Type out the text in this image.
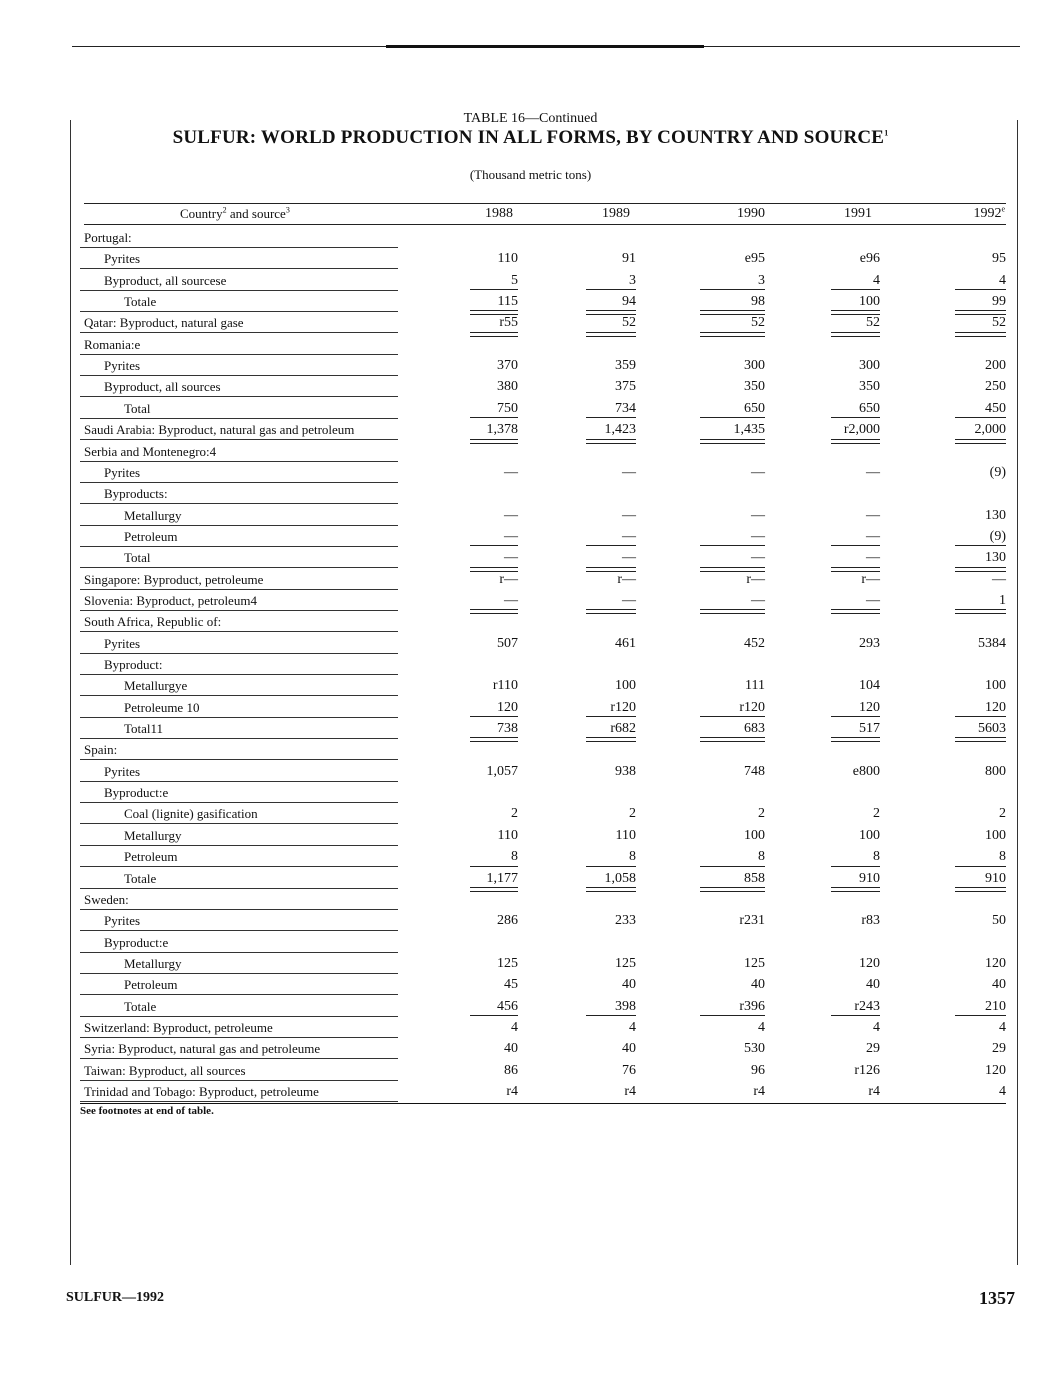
TABLE 16—Continued
SULFUR: WORLD PRODUCTION IN ALL FORMS, BY COUNTRY AND SOURCE$^1$
(Thousand metric tons)
Country$^2$ and source$^3$	1988	1989	1990	1991	1992e
Portugal:
Pyrites	110	91	e95	e96	95
Byproduct, all sourcese	5	3	3	4	4
Totale	115	94	98	100	99
Qatar: Byproduct, natural gase	r55	52	52	52	52
Romania:e
Pyrites	370	359	300	300	200
Byproduct, all sources	380	375	350	350	250
Total	750	734	650	650	450
Saudi Arabia: Byproduct, natural gas and petroleum	1,378	1,423	1,435	r2,000	2,000
Serbia and Montenegro:4
Pyrites	—	—	—	—	(9)
Byproducts:
Metallurgy	—	—	—	—	130
Petroleum	—	—	—	—	(9)
Total	—	—	—	—	130
Singapore: Byproduct, petroleume	r—	r—	r—	r—	—
Slovenia: Byproduct, petroleum4	—	—	—	—	1
South Africa, Republic of:
Pyrites	507	461	452	293	5384
Byproduct:
Metallurgye	r110	100	111	104	100
Petroleume 10	120	r120	r120	120	120
Total11	738	r682	683	517	5603
Spain:
Pyrites	1,057	938	748	e800	800
Byproduct:e
Coal (lignite) gasification	2	2	2	2	2
Metallurgy	110	110	100	100	100
Petroleum	8	8	8	8	8
Totale	1,177	1,058	858	910	910
Sweden:
Pyrites	286	233	r231	r83	50
Byproduct:e
Metallurgy	125	125	125	120	120
Petroleum	45	40	40	40	40
Totale	456	398	r396	r243	210
Switzerland: Byproduct, petroleume	4	4	4	4	4
Syria: Byproduct, natural gas and petroleume	40	40	530	29	29
Taiwan: Byproduct, all sources	86	76	96	r126	120
Trinidad and Tobago: Byproduct, petroleume	r4	r4	r4	r4	4
See footnotes at end of table.
SULFUR—1992	1357
